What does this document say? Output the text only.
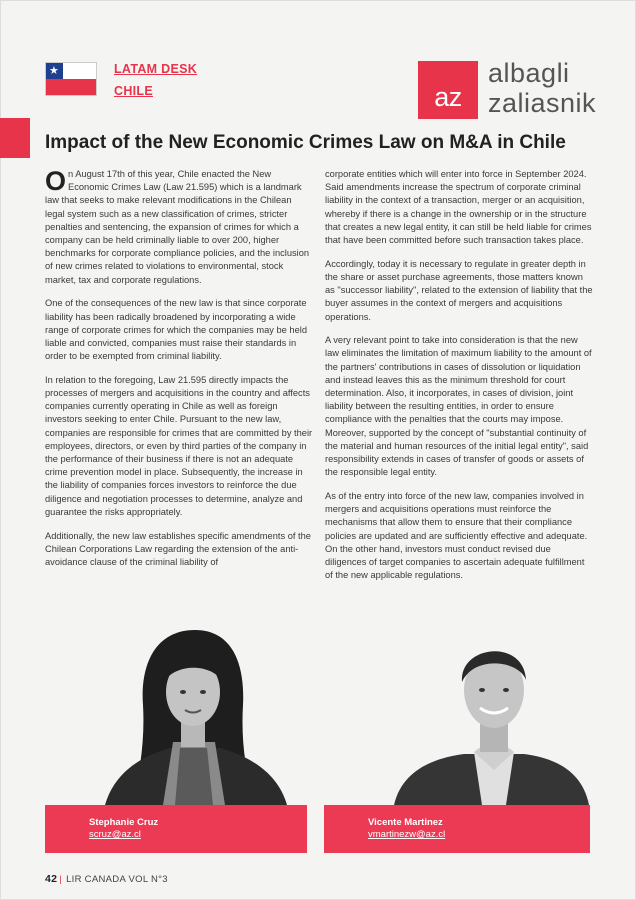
★	LATAM DESK
CHILE	az
albagli
zaliasnik
Impact of the New Economic Crimes Law on M&A in Chile

On August 17th of this year, Chile enacted the New Economic Crimes Law (Law 21.595) which is a landmark law that seeks to make relevant modifications in the Chilean legal system such as a new classification of crimes, stricter penalties and sentencing, the expansion of crimes for which a company can be held criminally liable to over 200, higher benchmarks for corporate compliance policies, and the inclusion of new crimes related to violations to environmental, stock market, tax and corporate regulations.

One of the consequences of the new law is that since corporate liability has been radically broadened by incorporating a wide range of corporate crimes for which the companies may be held liable and convicted, companies must raise their standards in order to be exempted from criminal liability.

In relation to the foregoing, Law 21.595 directly impacts the processes of mergers and acquisitions in the country and affects companies currently operating in Chile as well as foreign investors seeking to enter Chile. Pursuant to the new law, companies are responsible for crimes that are committed by their employees, directors, or even by third parties of the company in the performance of their business if there is not an adequate crime prevention model in place. Subsequently, the increase in the liability of companies forces investors to reinforce the due diligence and negotiation processes to determine, analyze and guarantee the risks appropriately.

Additionally, the new law establishes specific amendments of the Chilean Corporations Law regarding the extension of the anti-avoidance clause of the criminal liability of

corporate entities which will enter into force in September 2024. Said amendments increase the spectrum of corporate criminal liability in the context of a transaction, merger or an acquisition, whereby if there is a change in the ownership or in the structure that creates a new legal entity, it can still be held liable for crimes that have been committed before such transaction takes place.

Accordingly, today it is necessary to regulate in greater depth in the share or asset purchase agreements, those matters known as "successor liability", related to the extension of liability that the buyer assumes in the context of mergers and acquisitions operations.

A very relevant point to take into consideration is that the new law eliminates the limitation of maximum liability to the amount of the partners' contributions in cases of dissolution or liquidation and instead leaves this as the minimum threshold for court determination. Also, it incorporates, in cases of division, joint liability between the resulting entities, in order to ensure compliance with the penalties that the courts may impose. Moreover, supported by the concept of "substantial continuity of the material and human resources of the initial legal entity", said responsibility extends in cases of transfer of goods or assets of the responsible legal entity.

As of the entry into force of the new law, companies involved in mergers and acquisitions operations must reinforce the mechanisms that allow them to ensure that their compliance policies are updated and are sufficiently effective and adequate. On the other hand, investors must conduct revised due diligences of target companies to ascertain adequate fulfillment of the new applicable regulations.

Stephanie Cruz
scruz@az.cl
Vicente Martinez
vmartinezw@az.cl
42 | LIR CANADA VOL N°3
